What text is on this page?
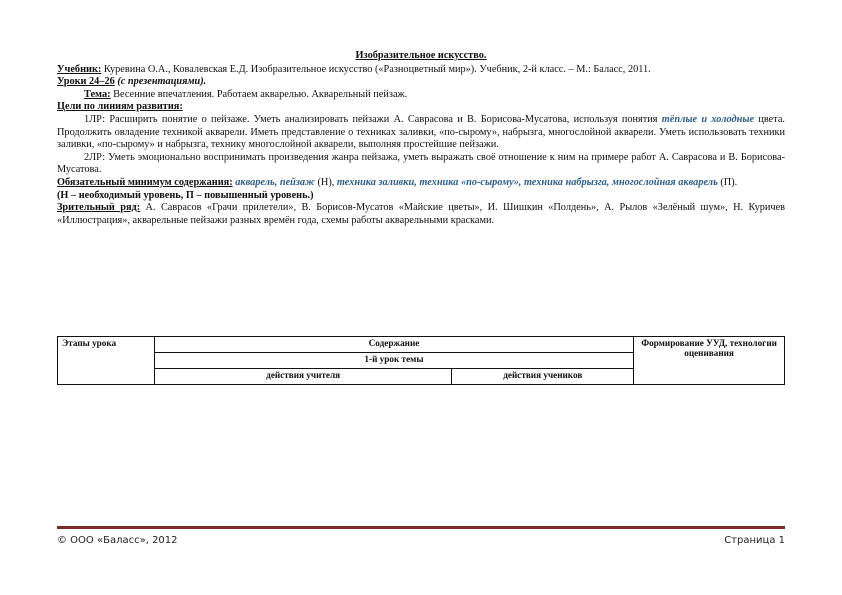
Изобразительное искусство.

Учебник: Куревина О.А., Ковалевская Е.Д. Изобразительное искусство («Разноцветный мир»). Учебник, 2-й класс. – М.: Баласс, 2011.

Уроки 24–26 (с презентациями).

Тема: Весенние впечатления. Работаем акварелью. Акварельный пейзаж.

Цели по линиям развития:

1ЛР: Расширить понятие о пейзаже. Уметь анализировать пейзажи А. Саврасова и В. Борисова-Мусатова, используя понятия тёплые и холодные цвета. Продолжить овладение техникой акварели. Иметь представление о техниках заливки, «по-сырому», набрызга, многослойной акварели. Уметь использовать техники заливки, «по-сырому» и набрызга, технику многослойной акварели, выполняя простейшие пейзажи.

2ЛР: Уметь эмоционально воспринимать произведения жанра пейзажа, уметь выражать своё отношение к ним на примере работ А. Саврасова и В. Борисова-Мусатова.

Обязательный минимум содержания: акварель, пейзаж (Н), техника заливки, техника «по-сырому», техника набрызга, многослойная акварель (П).

(Н – необходимый уровень, П – повышенный уровень.)

Зрительный ряд: А. Саврасов «Грачи прилетели», В. Борисов-Мусатов «Майские цветы», И. Шишкин «Полдень», А. Рылов «Зелёный шум», Н. Куричев «Иллюстрация», акварельные пейзажи разных времён года, схемы работы акварельными красками.

Этапы урока	Содержание		Формирование УУД, технологии оценивания
	1-й урок темы		
	действия учителя	действия учеников	
© ООО «Баласс», 2012	Страница 1
